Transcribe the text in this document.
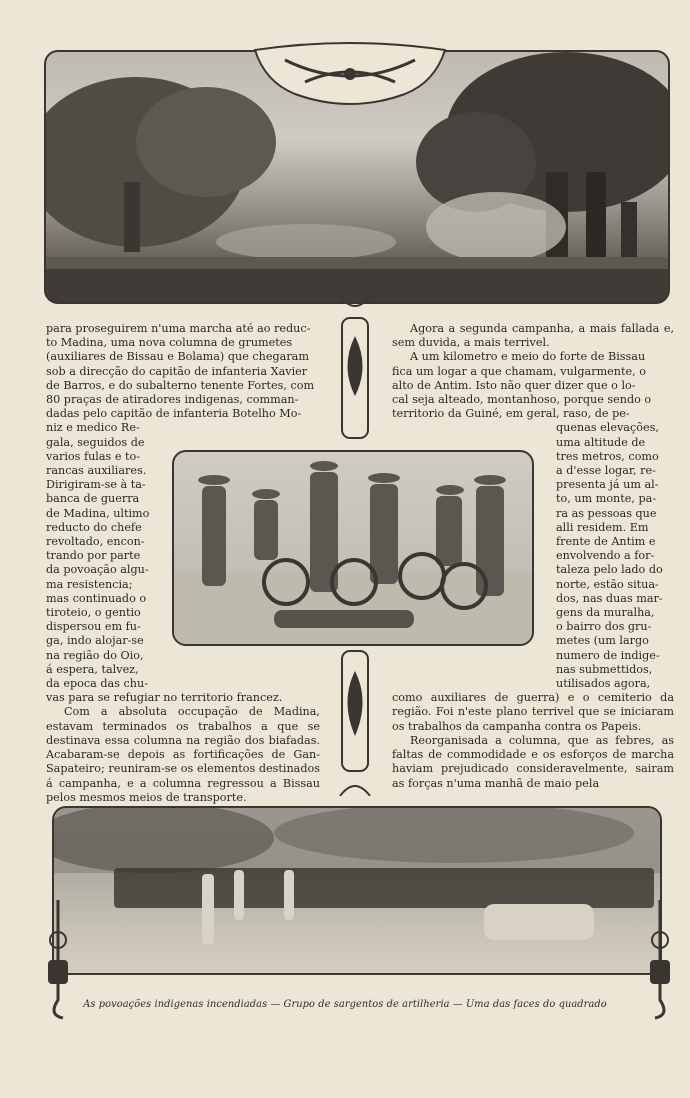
para proseguirem n'uma marcha até ao reduc-
to Madina, uma nova columna de grumetes
(auxiliares de Bissau e Bolama) que chegaram
sob a direcção do capitão de infanteria Xavier
de Barros, e do subalterno tenente Fortes, com
80 praças de atiradores indigenas, comman-
dadas pelo capitão de infanteria Botelho Mo-
niz e medico Re-
gala, seguidos de
varios fulas e to-
rancas auxiliares.
Dirigiram-se à ta-
banca de guerra
de Madina, ultimo
reducto do chefe
revoltado, encon-
trando por parte
da povoação algu-
ma resistencia;
mas continuado o
tiroteio, o gentio
dispersou em fu-
ga, indo alojar-se
na região do Oio,
á espera, talvez,
da epoca das chu-

vas para se refugiar no territorio francez.

Com a absoluta occupação de Madina, estavam terminados os trabalhos a que se destinava essa columna na região dos biafadas. Acabaram-se depois as fortificações de Gan-Sapateiro; reuniram-se os elementos destinados á campanha, e a columna regressou a Bissau pelos mesmos meios de transporte.

Agora a segunda campanha, a mais fallada e, sem duvida, a mais terrivel.

A um kilometro e meio do forte de Bissau
fica um logar a que chamam, vulgarmente, o
alto de Antim. Isto não quer dizer que o lo-
cal seja alteado, montanhoso, porque sendo o
territorio da Guiné, em geral, raso, de pe-
quenas elevações,
uma altitude de
tres metros, como
a d'esse logar, re-
presenta já um al-
to, um monte, pa-
ra as pessoas que
alli residem. Em
frente de Antim e
envolvendo a for-
taleza pelo lado do
norte, estão situa-
dos, nas duas mar-
gens da muralha,
o bairro dos gru-
metes (um largo
numero de indige-
nas submettidos,
utilisados agora,

como auxiliares de guerra) e o cemiterio da região. Foi n'este plano terrivel que se iniciaram os trabalhos da campanha contra os Papeis.

Reorganisada a columna, que as febres, as faltas de commodidade e os esforços de marcha haviam prejudicado consideravelmente, sairam as forças n'uma manhã de maio pela

As povoações indigenas incendiadas — Grupo de sargentos de artilheria — Uma das faces do quadrado
